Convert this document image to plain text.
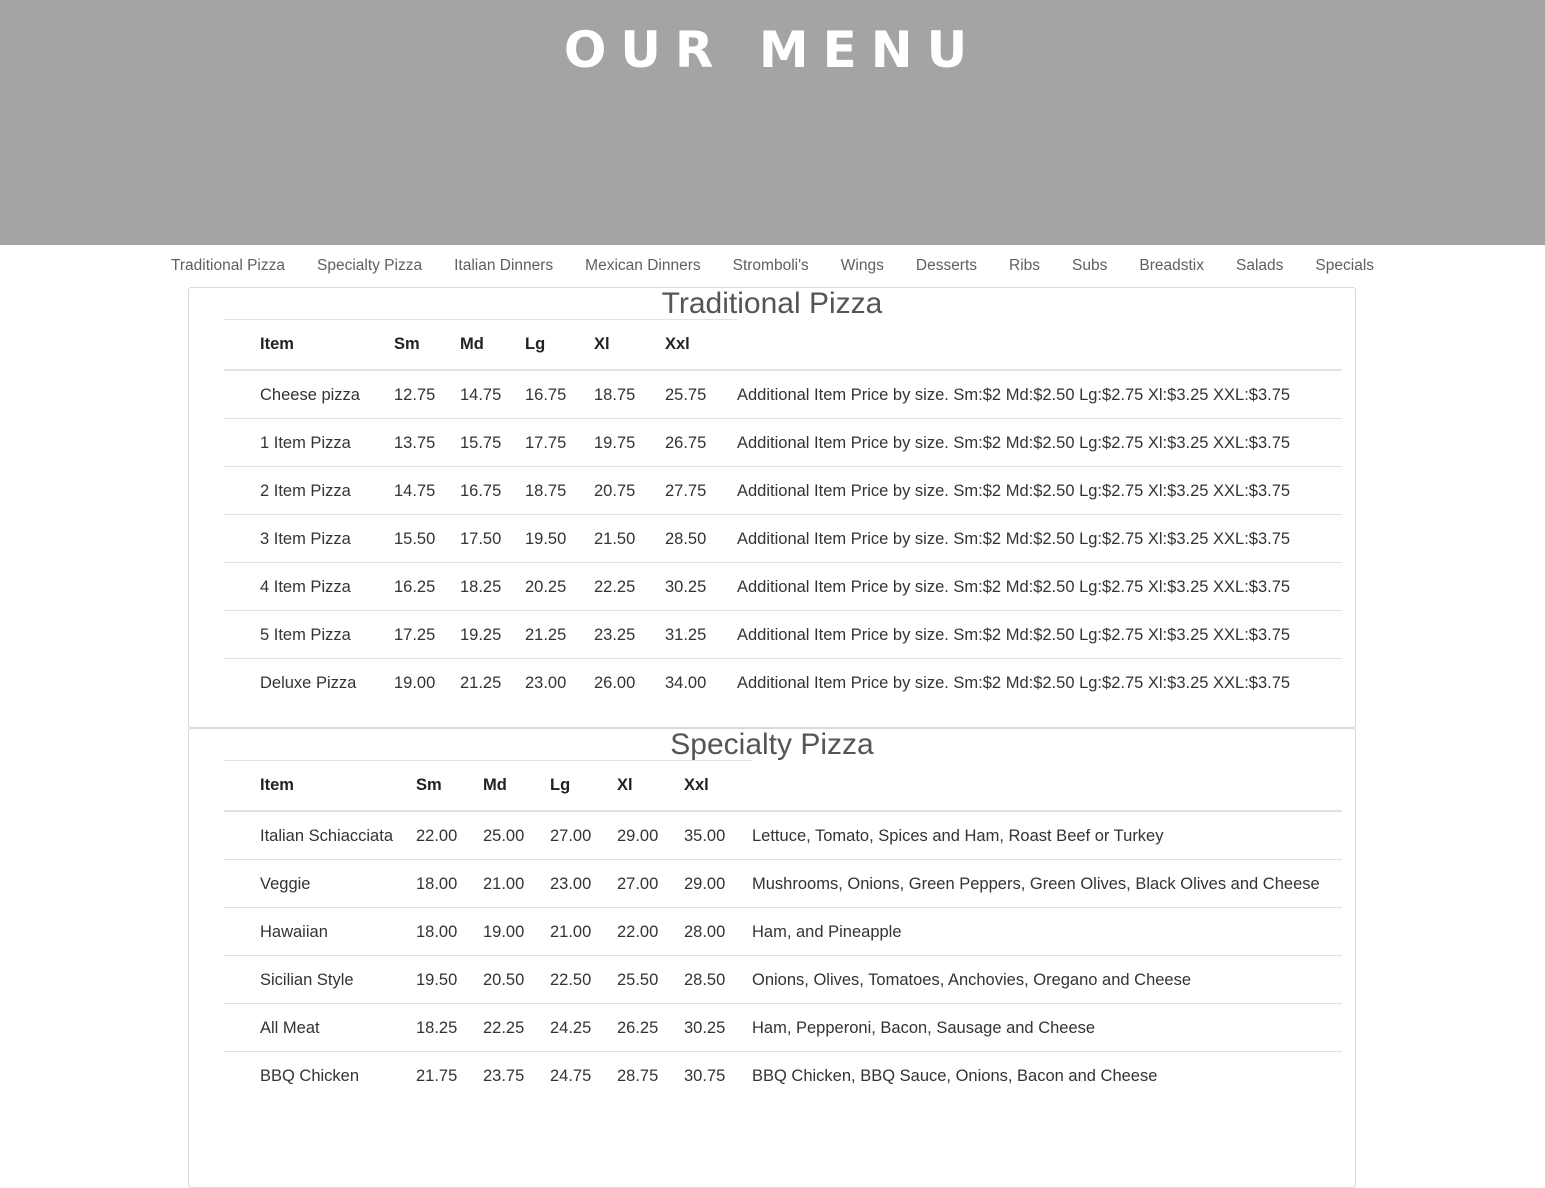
OUR MENU
Traditional Pizza	Specialty Pizza	Italian Dinners	Mexican Dinners	Stromboli's	Wings	Desserts	Ribs	Subs	Breadstix	Salads	Specials
Traditional Pizza
Item	Sm	Md	Lg	Xl	Xxl	
Cheese pizza	12.75	14.75	16.75	18.75	25.75	Additional Item Price by size. Sm:$2 Md:$2.50 Lg:$2.75 Xl:$3.25 XXL:$3.75
1 Item Pizza	13.75	15.75	17.75	19.75	26.75	Additional Item Price by size. Sm:$2 Md:$2.50 Lg:$2.75 Xl:$3.25 XXL:$3.75
2 Item Pizza	14.75	16.75	18.75	20.75	27.75	Additional Item Price by size. Sm:$2 Md:$2.50 Lg:$2.75 Xl:$3.25 XXL:$3.75
3 Item Pizza	15.50	17.50	19.50	21.50	28.50	Additional Item Price by size. Sm:$2 Md:$2.50 Lg:$2.75 Xl:$3.25 XXL:$3.75
4 Item Pizza	16.25	18.25	20.25	22.25	30.25	Additional Item Price by size. Sm:$2 Md:$2.50 Lg:$2.75 Xl:$3.25 XXL:$3.75
5 Item Pizza	17.25	19.25	21.25	23.25	31.25	Additional Item Price by size. Sm:$2 Md:$2.50 Lg:$2.75 Xl:$3.25 XXL:$3.75
Deluxe Pizza	19.00	21.25	23.00	26.00	34.00	Additional Item Price by size. Sm:$2 Md:$2.50 Lg:$2.75 Xl:$3.25 XXL:$3.75
Specialty Pizza
Item	Sm	Md	Lg	Xl	Xxl	
Italian Schiacciata	22.00	25.00	27.00	29.00	35.00	Lettuce, Tomato, Spices and Ham, Roast Beef or Turkey
Veggie	18.00	21.00	23.00	27.00	29.00	Mushrooms, Onions, Green Peppers, Green Olives, Black Olives and Cheese
Hawaiian	18.00	19.00	21.00	22.00	28.00	Ham, and Pineapple
Sicilian Style	19.50	20.50	22.50	25.50	28.50	Onions, Olives, Tomatoes, Anchovies, Oregano and Cheese
All Meat	18.25	22.25	24.25	26.25	30.25	Ham, Pepperoni, Bacon, Sausage and Cheese
BBQ Chicken	21.75	23.75	24.75	28.75	30.75	BBQ Chicken, BBQ Sauce, Onions, Bacon and Cheese
